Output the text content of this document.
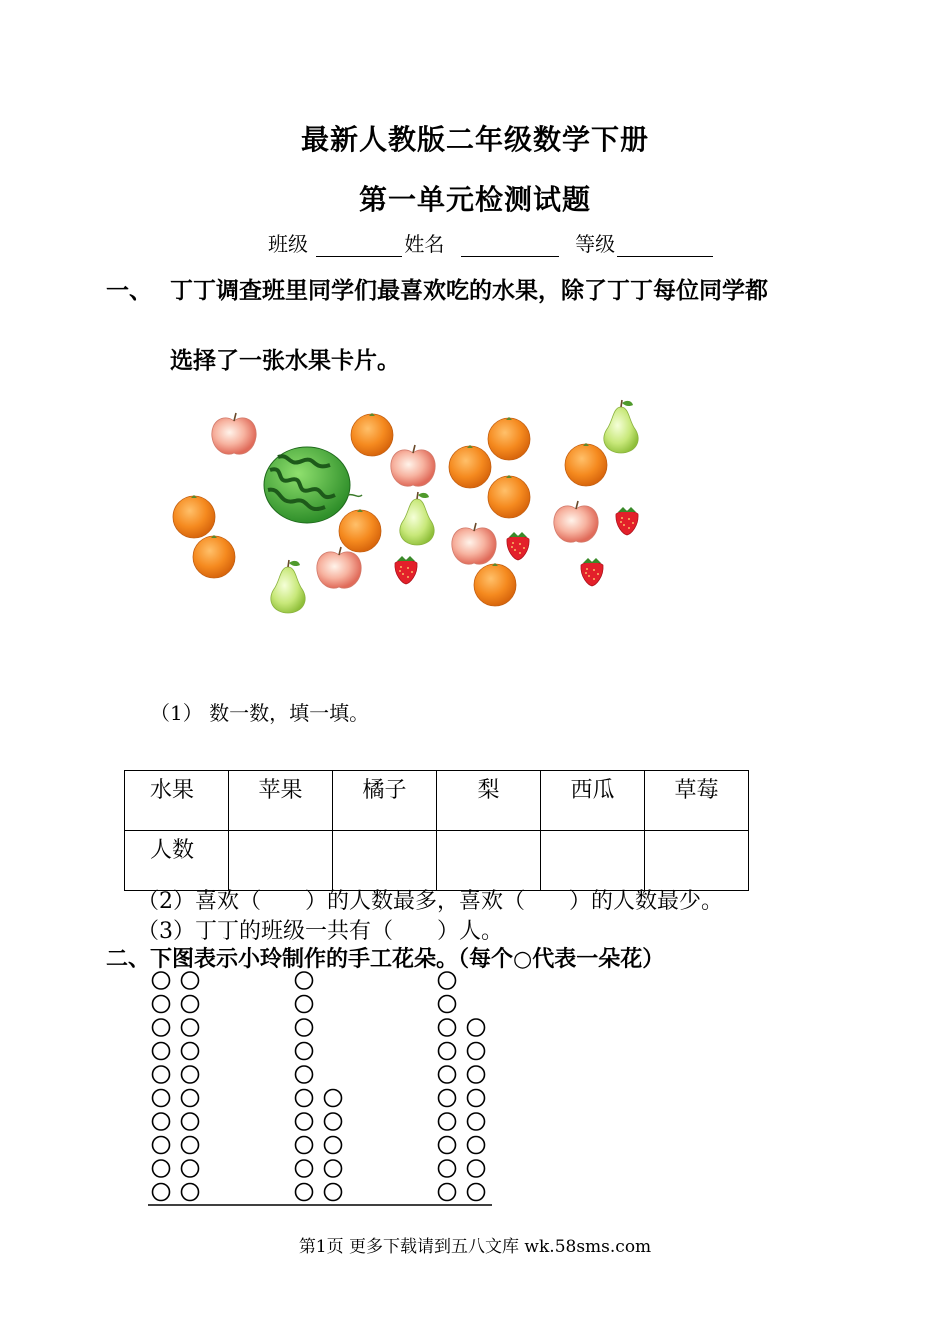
最新人教版二年级数学下册
第一单元检测试题
班级	姓名	等级
一、 丁丁调查班里同学们最喜欢吃的水果，除了丁丁每位同学都
选择了一张水果卡片。
（1） 数一数，填一填。
水果	苹果	橘子	梨	西瓜	草莓
人数					
（2）喜欢（　　）的人数最多，喜欢（　　）的人数最少。
（3）丁丁的班级一共有（　　）人。
二、下图表示小玲制作的手工花朵。（每个○代表一朵花）
第1页 更多下载请到五八文库 wk.58sms.com
